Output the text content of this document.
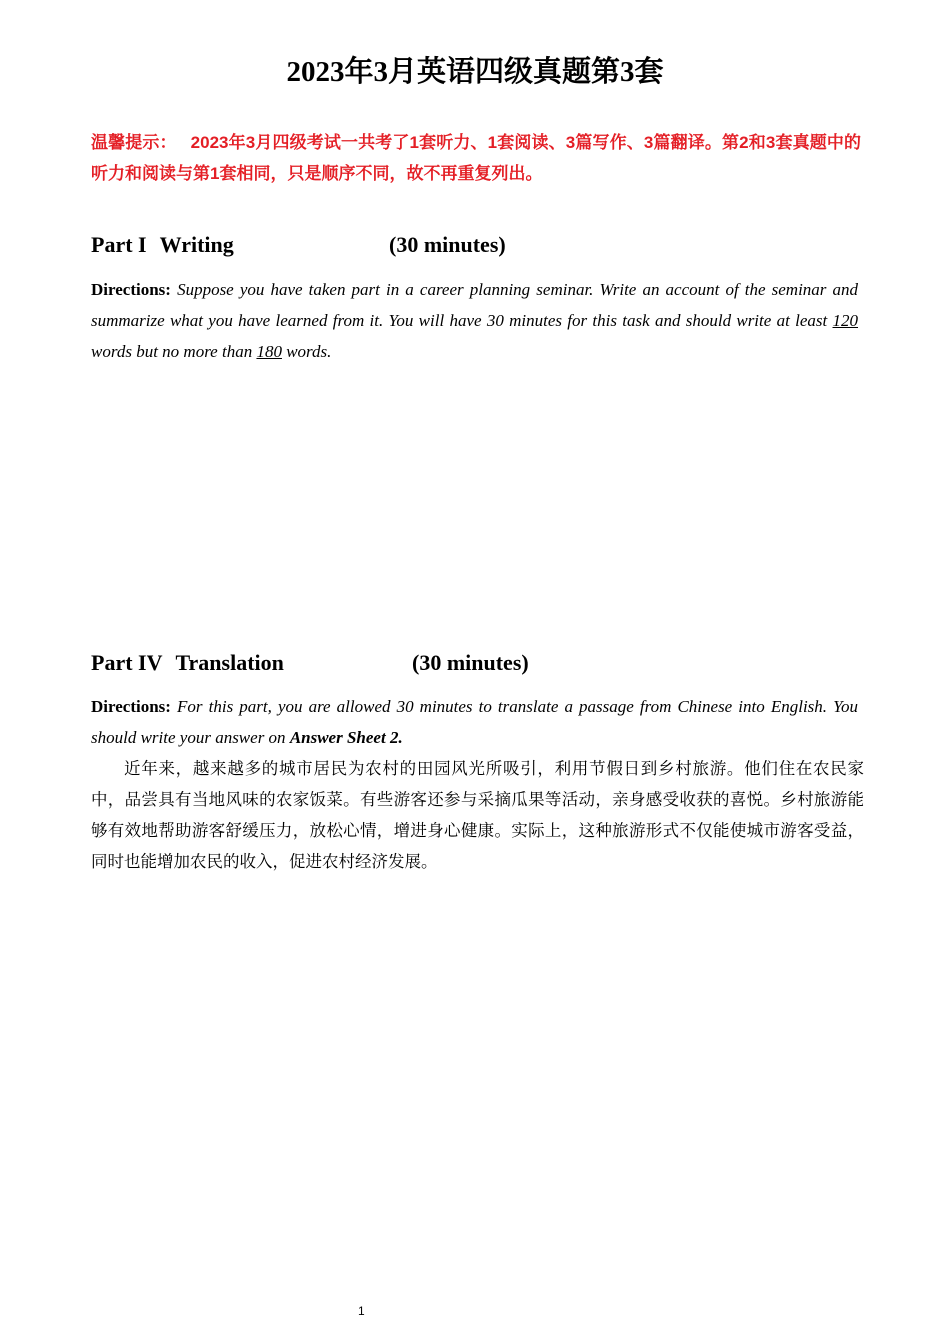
2023年3月英语四级真题第3套
温馨提示： 2023年3月四级考试一共考了1套听力、1套阅读、3篇写作、3篇翻译。第2和3套真题中的听力和阅读与第1套相同，只是顺序不同，故不再重复列出。
Part I Writing	(30 minutes)
Directions: Suppose you have taken part in a career planning seminar. Write an account of the seminar and summarize what you have learned from it. You will have 30 minutes for this task and should write at least 120 words but no more than 180 words.
Part IV Translation	(30 minutes)
Directions: For this part, you are allowed 30 minutes to translate a passage from Chinese into English. You should write your answer on Answer Sheet 2.
近年来，越来越多的城市居民为农村的田园风光所吸引，利用节假日到乡村旅游。他们住在农民家中，品尝具有当地风味的农家饭菜。有些游客还参与采摘瓜果等活动，亲身感受收获的喜悦。乡村旅游能够有效地帮助游客舒缓压力，放松心情，增进身心健康。实际上，这种旅游形式不仅能使城市游客受益，同时也能增加农民的收入，促进农村经济发展。
1
